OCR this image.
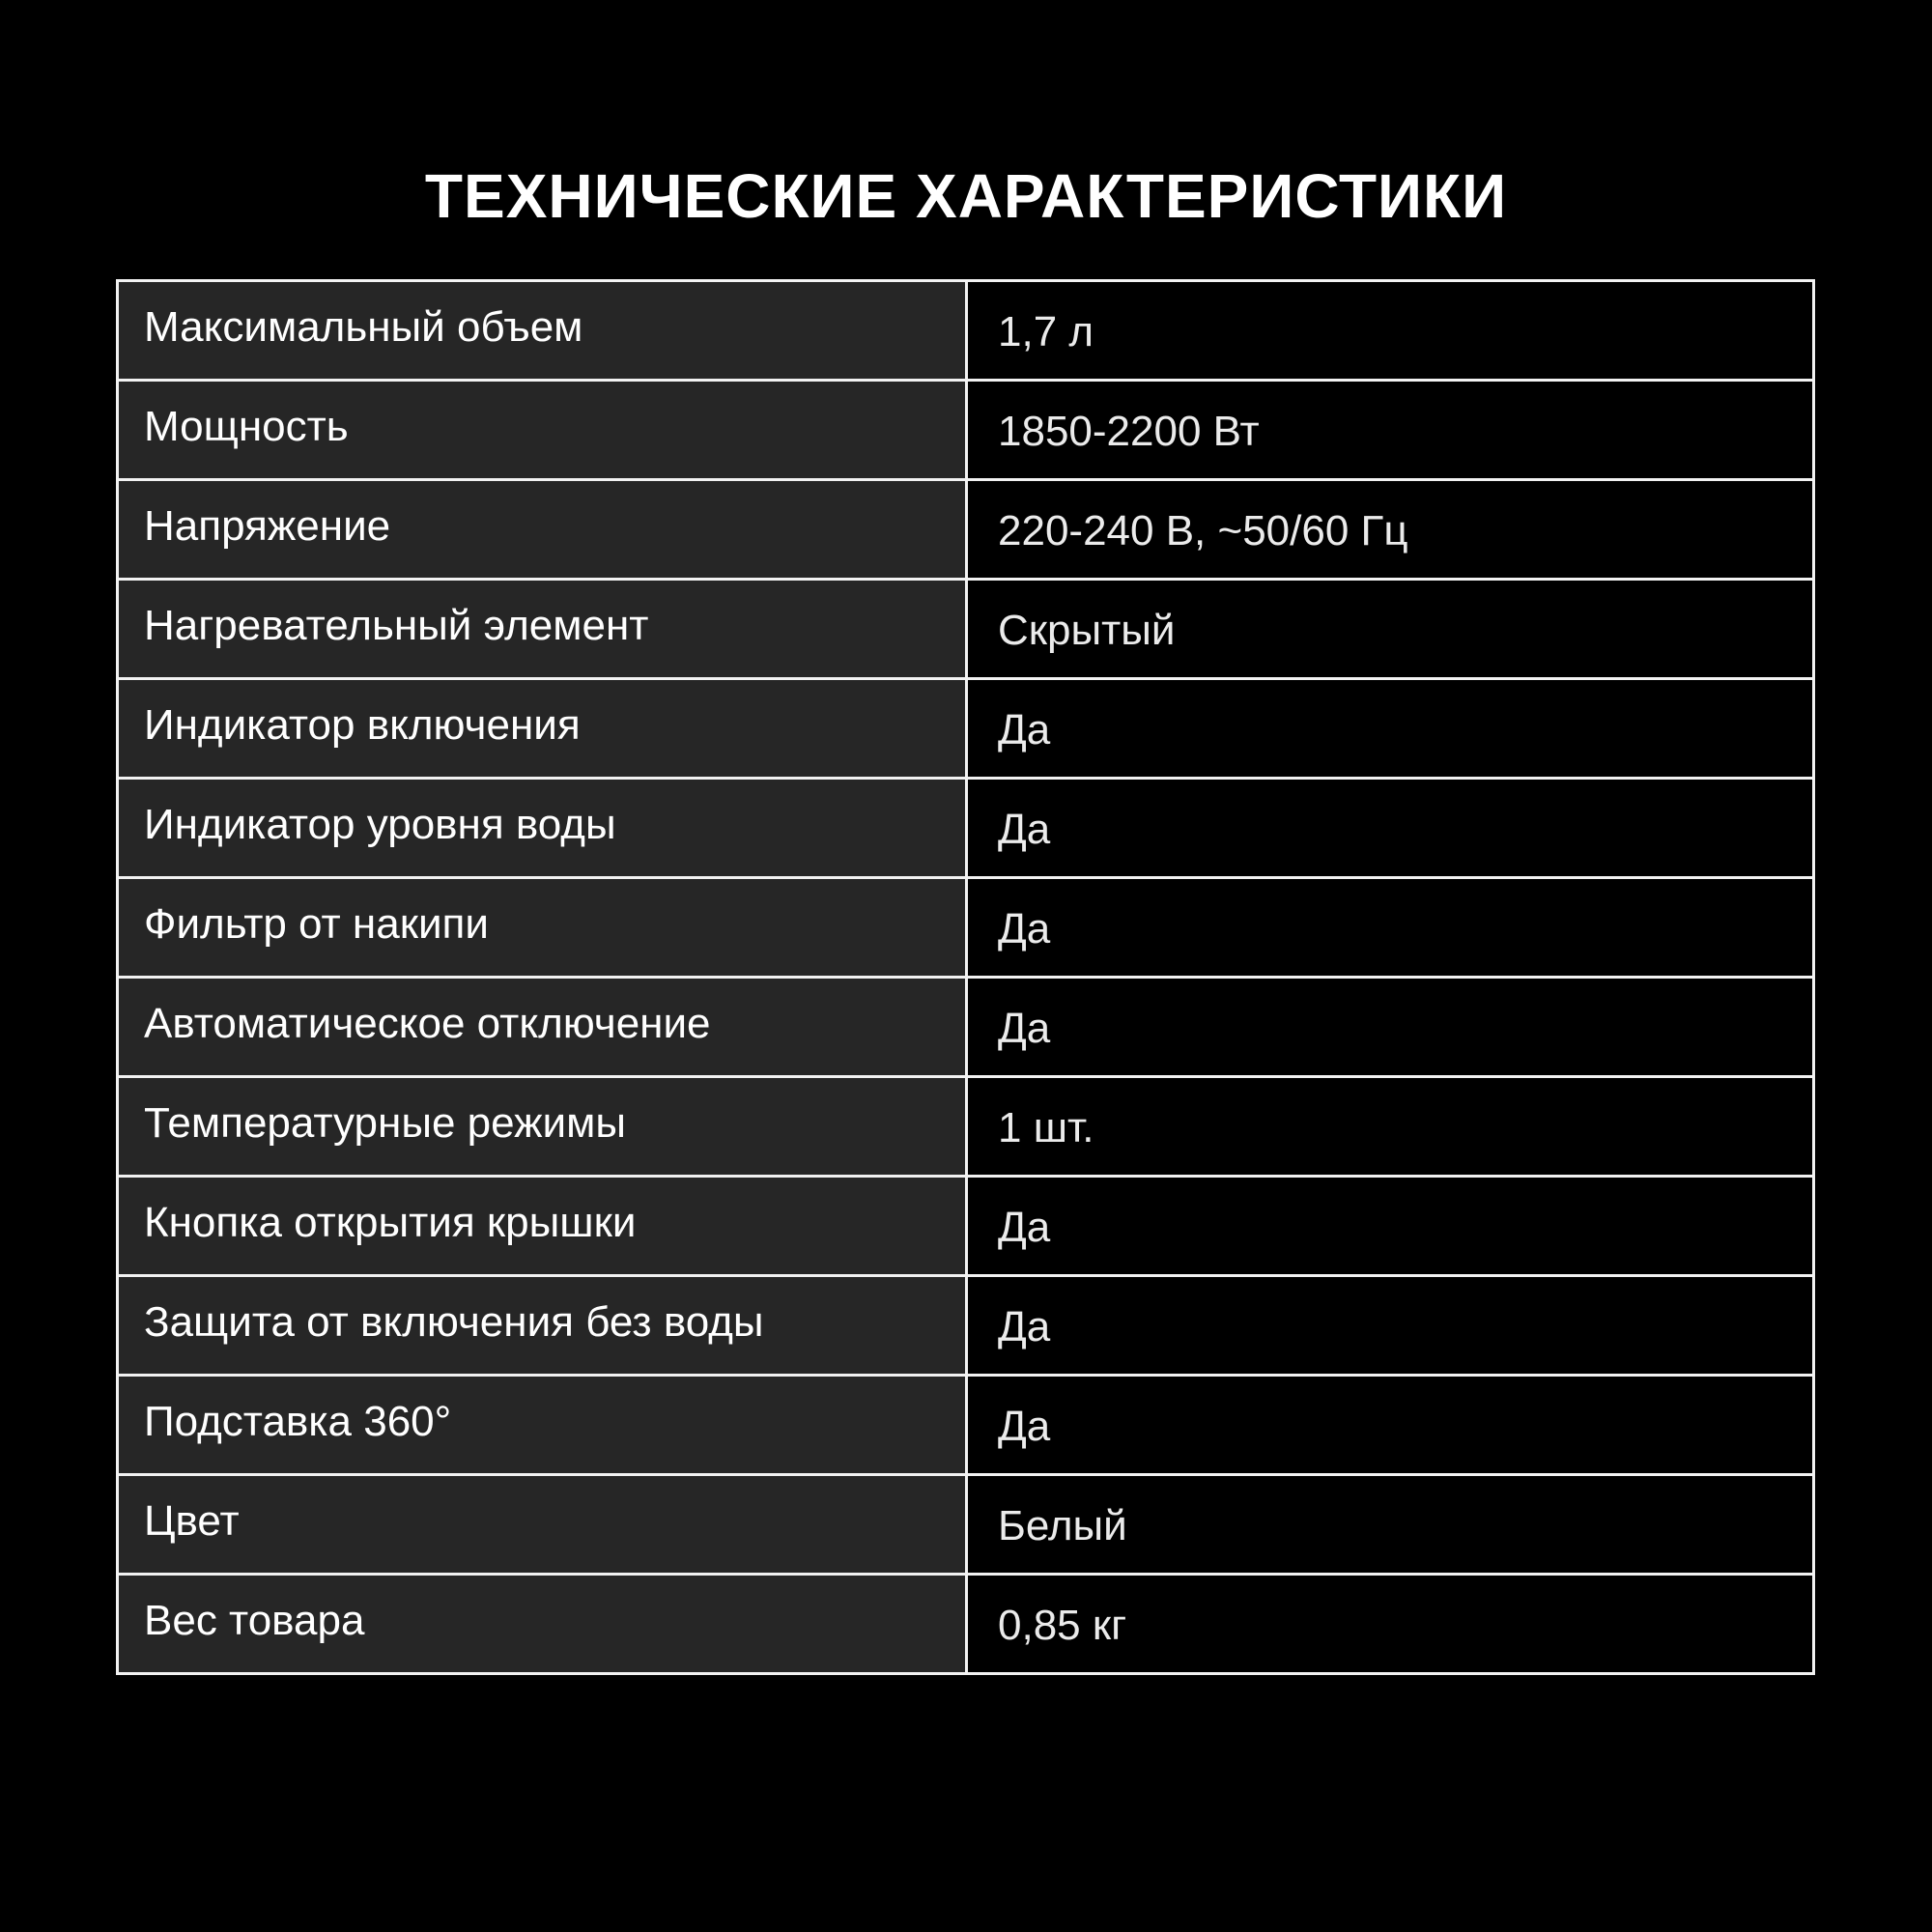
ТЕХНИЧЕСКИЕ ХАРАКТЕРИСТИКИ
Максимальный объем	1,7 л
Мощность	1850-2200 Вт
Напряжение	220-240 В, ~50/60 Гц
Нагревательный элемент	Скрытый
Индикатор включения	Да
Индикатор уровня воды	Да
Фильтр от накипи	Да
Автоматическое отключение	Да
Температурные режимы	1 шт.
Кнопка открытия крышки	Да
Защита от включения без воды	Да
Подставка 360°	Да
Цвет	Белый
Вес товара	0,85 кг
